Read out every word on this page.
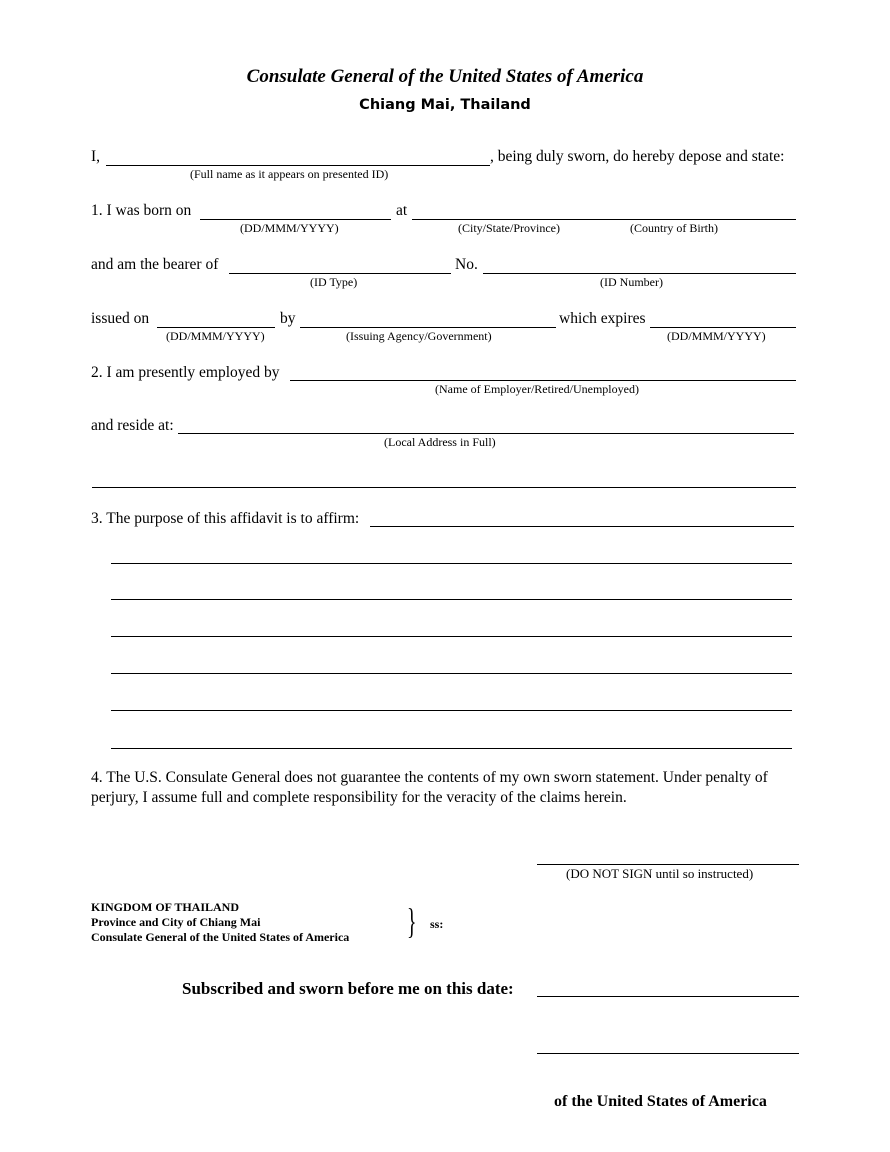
Consulate General of the United States of America
Chiang Mai, Thailand
I,	, being duly sworn, do hereby depose and state:
(Full name as it appears on presented ID)
1. I was born on	at
(DD/MMM/YYYY)	(City/State/Province)	(Country of Birth)
and am the bearer of	No.
(ID Type)	(ID Number)
issued on	by	which expires
(DD/MMM/YYYY)	(Issuing Agency/Government)	(DD/MMM/YYYY)
2. I am presently employed by
(Name of Employer/Retired/Unemployed)
and reside at:
(Local Address in Full)
3. The purpose of this affidavit is to affirm:
4. The U.S. Consulate General does not guarantee the contents of my own sworn statement. Under penalty of perjury, I assume full and complete responsibility for the veracity of the claims herein.
(DO NOT SIGN until so instructed)
KINGDOM OF THAILAND
Province and City of Chiang Mai
Consulate General of the United States of America } ss:
Subscribed and sworn before me on this date:
of the United States of America
